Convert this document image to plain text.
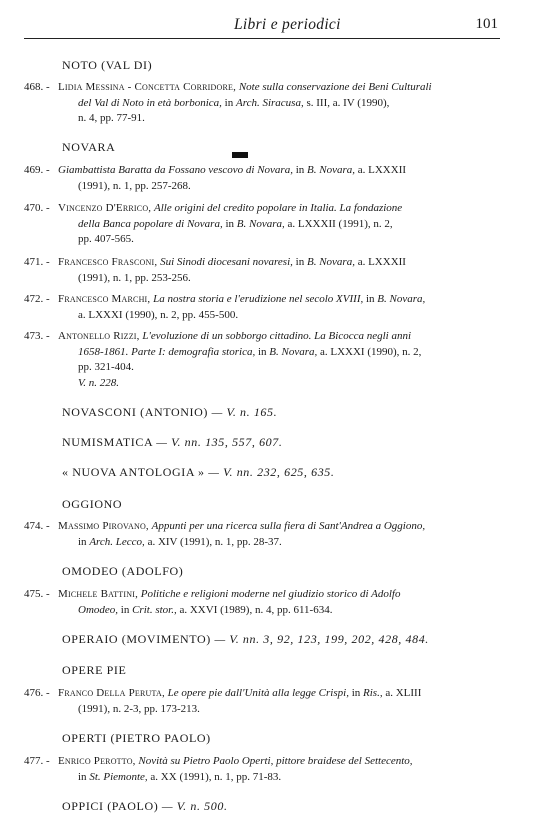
Libri e periodici	101
NOTO (VAL DI)
468. - Lidia Messina - Concetta Corridore, Note sulla conservazione dei Beni Culturali
del Val di Noto in età borbonica, in Arch. Siracusa, s. III, a. IV (1990),
n. 4, pp. 77-91.
NOVARA
469. - Giambattista Baratta da Fossano vescovo di Novara, in B. Novara, a. LXXXII
(1991), n. 1, pp. 257-268.
470. - Vincenzo D'Errico, Alle origini del credito popolare in Italia. La fondazione
della Banca popolare di Novara, in B. Novara, a. LXXXII (1991), n. 2,
pp. 407-565.
471. - Francesco Frasconi, Sui Sinodi diocesani novaresi, in B. Novara, a. LXXXII
(1991), n. 1, pp. 253-256.
472. - Francesco Marchi, La nostra storia e l'erudizione nel secolo XVIII, in B. Novara,
a. LXXXI (1990), n. 2, pp. 455-500.
473. - Antonello Rizzi, L'evoluzione di un sobborgo cittadino. La Bicocca negli anni
1658-1861. Parte I: demografia storica, in B. Novara, a. LXXXI (1990), n. 2,
pp. 321-404.
V. n. 228.
NOVASCONI (ANTONIO) — V. n. 165.
NUMISMATICA — V. nn. 135, 557, 607.
« NUOVA ANTOLOGIA » — V. nn. 232, 625, 635.
OGGIONO
474. - Massimo Pirovano, Appunti per una ricerca sulla fiera di Sant'Andrea a Oggiono,
in Arch. Lecco, a. XIV (1991), n. 1, pp. 28-37.
OMODEO (ADOLFO)
475. - Michele Battini, Politiche e religioni moderne nel giudizio storico di Adolfo
Omodeo, in Crit. stor., a. XXVI (1989), n. 4, pp. 611-634.
OPERAIO (MOVIMENTO) — V. nn. 3, 92, 123, 199, 202, 428, 484.
OPERE PIE
476. - Franco Della Peruta, Le opere pie dall'Unità alla legge Crispi, in Ris., a. XLIII
(1991), n. 2-3, pp. 173-213.
OPERTI (PIETRO PAOLO)
477. - Enrico Perotto, Novità su Pietro Paolo Operti, pittore braidese del Settecento,
in St. Piemonte, a. XX (1991), n. 1, pp. 71-83.
OPPICI (PAOLO) — V. n. 500.
